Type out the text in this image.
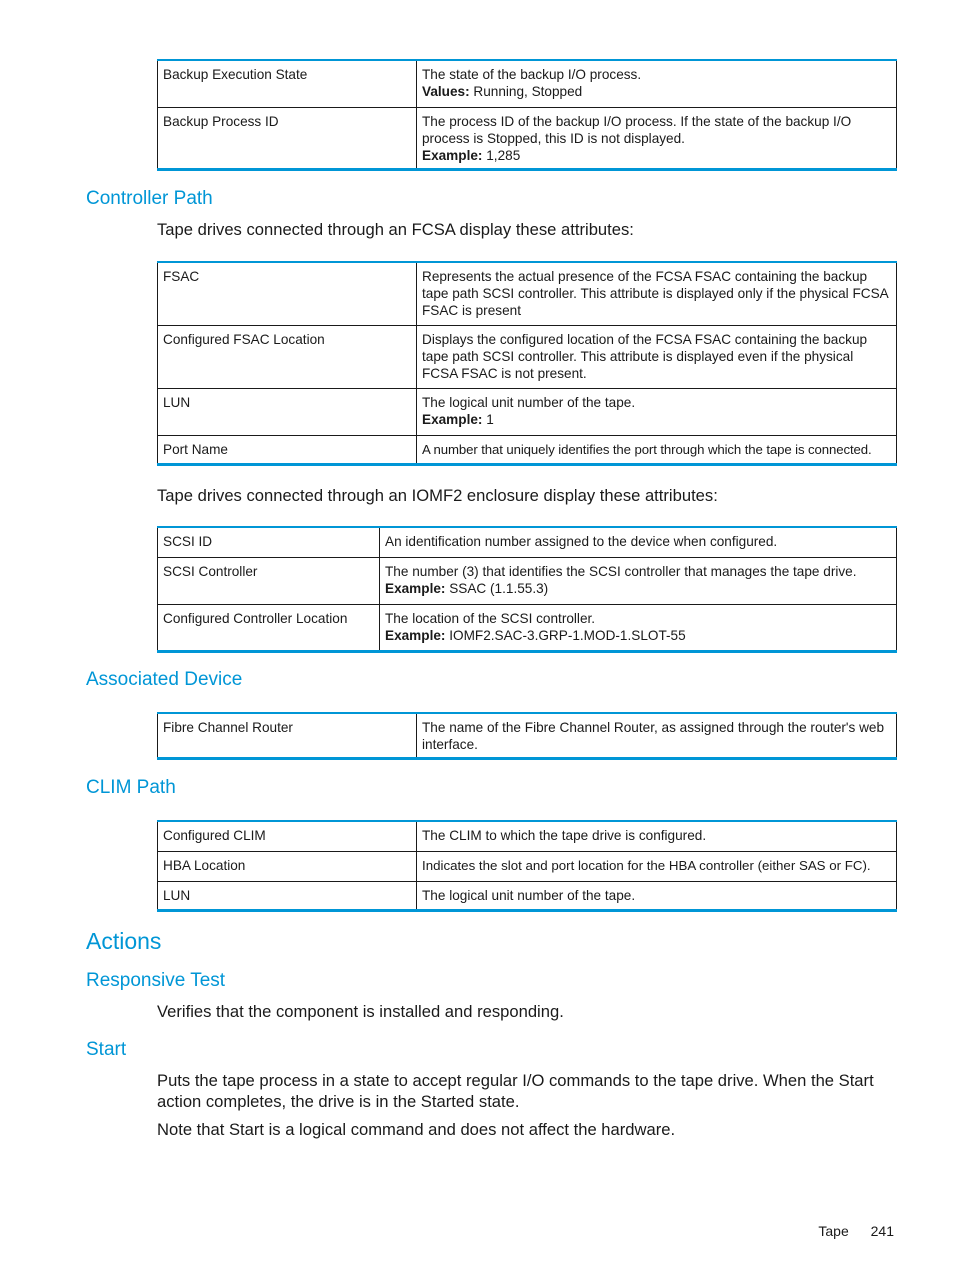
Backup Execution State	The state of the backup I/O process.
Values: Running, Stopped
Backup Process ID	The process ID of the backup I/O process. If the state of the backup I/O process is Stopped, this ID is not displayed.
Example: 1,285
Controller Path

Tape drives connected through an FCSA display these attributes:

FSAC	Represents the actual presence of the FCSA FSAC containing the backup tape path SCSI controller. This attribute is displayed only if the physical FCSA FSAC is present
Configured FSAC Location	Displays the configured location of the FCSA FSAC containing the backup tape path SCSI controller. This attribute is displayed even if the physical FCSA FSAC is not present.
LUN	The logical unit number of the tape.
Example: 1
Port Name	A number that uniquely identifies the port through which the tape is connected.

Tape drives connected through an IOMF2 enclosure display these attributes:

SCSI ID	An identification number assigned to the device when configured.
SCSI Controller	The number (3) that identifies the SCSI controller that manages the tape drive.
Example: SSAC (1.1.55.3)
Configured Controller Location	The location of the SCSI controller.
Example: IOMF2.SAC-3.GRP-1.MOD-1.SLOT-55
Associated Device
Fibre Channel Router	The name of the Fibre Channel Router, as assigned through the router's web interface.
CLIM Path
Configured CLIM	The CLIM to which the tape drive is configured.
HBA Location	Indicates the slot and port location for the HBA controller (either SAS or FC).
LUN	The logical unit number of the tape.
Actions
Responsive Test

Verifies that the component is installed and responding.

Start

Puts the tape process in a state to accept regular I/O commands to the tape drive. When the Start action completes, the drive is in the Started state.

Note that Start is a logical command and does not affect the hardware.

Tape 241
